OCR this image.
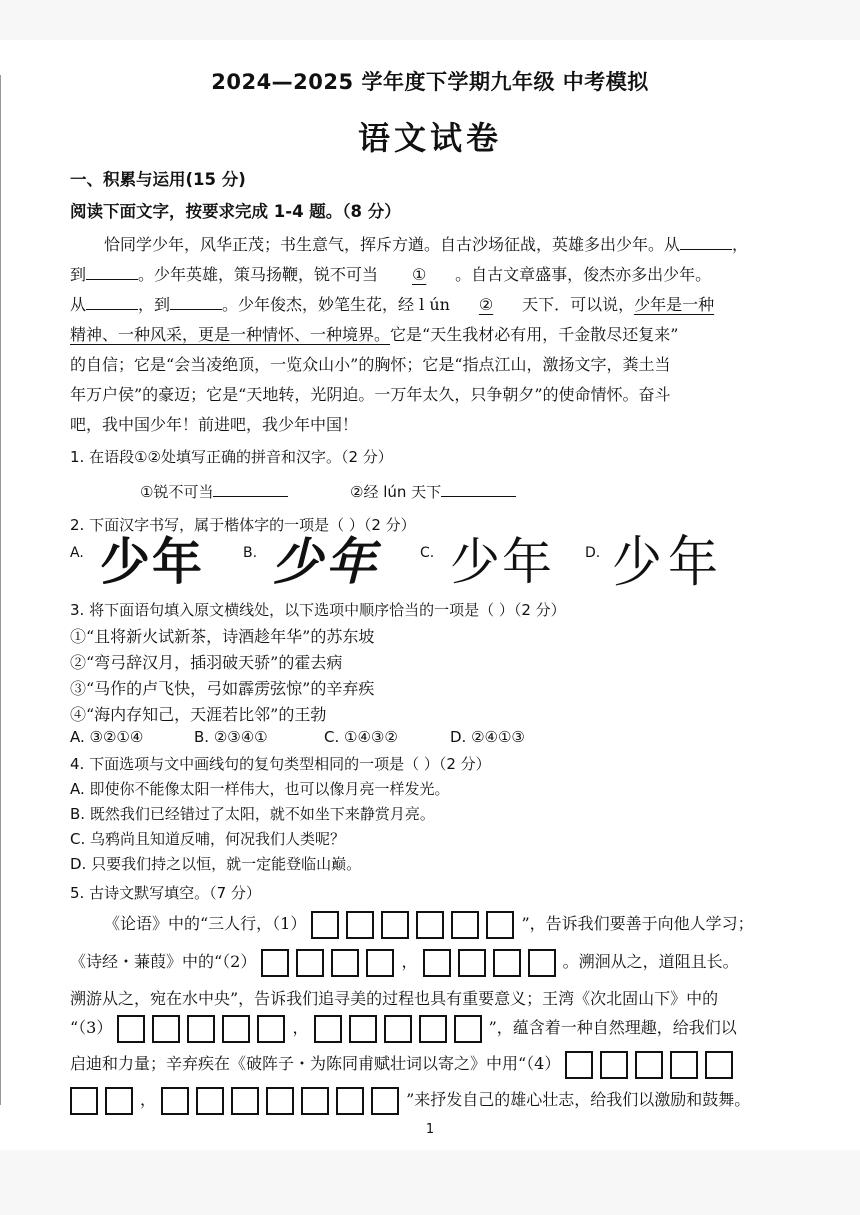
2024—2025 学年度下学期九年级 中考模拟
语文试卷
一、积累与运用(15 分)
阅读下面文字，按要求完成 1-4 题。（8 分）
恰同学少年，风华正茂；书生意气，挥斥方遒。自古沙场征战，英雄多出少年。从	，
到	。少年英雄，策马扬鞭，锐不可当 ① 。自古文章盛事，俊杰亦多出少年。
从	，到	。少年俊杰，妙笔生花，经 l ún ② 天下．可以说，少年是一种
精神、一种风采，更是一种情怀、一种境界。它是“天生我材必有用，千金散尽还复来”
的自信；它是“会当凌绝顶，一览众山小”的胸怀；它是“指点江山，激扬文字，粪土当
年万户侯”的豪迈；它是“天地转，光阴迫。一万年太久，只争朝夕”的使命情怀。奋斗
吧，我中国少年！前进吧，我少年中国！
1. 在语段①②处填写正确的拼音和汉字。（2 分）
①锐不可当	②经 lún 天下
2. 下面汉字书写，属于楷体字的一项是（ ）（2 分）
A. 少年	B. 少年	C. 少年 D. 少年
3. 将下面语句填入原文横线处，以下选项中顺序恰当的一项是（ ）（2 分）
①“且将新火试新茶，诗酒趁年华”的苏东坡
②“弯弓辞汉月，插羽破天骄”的霍去病
③“马作的卢飞快，弓如霹雳弦惊”的辛弃疾
④“海内存知己，天涯若比邻”的王勃
A. ③②①④	B. ②③④①	C. ①④③②	D. ②④①③
4. 下面选项与文中画线句的复句类型相同的一项是（ ）（2 分）
A. 即使你不能像太阳一样伟大，也可以像月亮一样发光。
B. 既然我们已经错过了太阳，就不如坐下来静赏月亮。
C. 乌鸦尚且知道反哺，何况我们人类呢？
D. 只要我们持之以恒，就一定能登临山巅。
5. 古诗文默写填空。（7 分）
《论语》中的“三人行，（1）	”，告诉我们要善于向他人学习；
《诗经・蒹葭》中的“（2）	，	。溯洄从之，道阻且长。
溯游从之，宛在水中央”，告诉我们追寻美的过程也具有重要意义；王湾《次北固山下》中的
“（3）	，	”，蕴含着一种自然理趣，给我们以
启迪和力量；辛弃疾在《破阵子・为陈同甫赋壮词以寄之》中用“（4）
，	”来抒发自己的雄心壮志，给我们以激励和鼓舞。
1
